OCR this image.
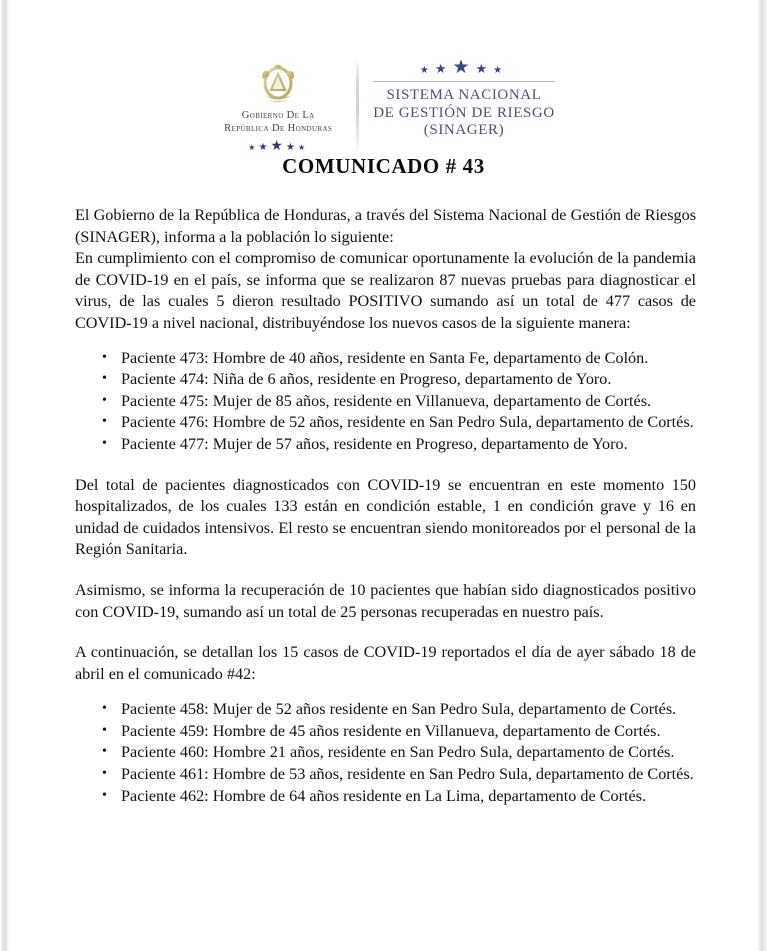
Gobierno De La
República De Honduras
★★★★★
★★★★★
SISTEMA NACIONAL
DE GESTIÓN DE RIESGO
(SINAGER)
COMUNICADO # 43

El Gobierno de la República de Honduras, a través del Sistema Nacional de Gestión de Riesgos (SINAGER), informa a la población lo siguiente:

En cumplimiento con el compromiso de comunicar oportunamente la evolución de la pandemia de COVID-19 en el país, se informa que se realizaron 87 nuevas pruebas para diagnosticar el virus, de las cuales 5 dieron resultado POSITIVO sumando así un total de 477 casos de COVID-19 a nivel nacional, distribuyéndose los nuevos casos de la siguiente manera:

• Paciente 473: Hombre de 40 años, residente en Santa Fe, departamento de Colón.
• Paciente 474: Niña de 6 años, residente en Progreso, departamento de Yoro.
• Paciente 475: Mujer de 85 años, residente en Villanueva, departamento de Cortés.
• Paciente 476: Hombre de 52 años, residente en San Pedro Sula, departamento de Cortés.
• Paciente 477: Mujer de 57 años, residente en Progreso, departamento de Yoro.

Del total de pacientes diagnosticados con COVID-19 se encuentran en este momento 150 hospitalizados, de los cuales 133 están en condición estable, 1 en condición grave y 16 en unidad de cuidados intensivos. El resto se encuentran siendo monitoreados por el personal de la Región Sanitaria.

Asimismo, se informa la recuperación de 10 pacientes que habían sido diagnosticados positivo con COVID-19, sumando así un total de 25 personas recuperadas en nuestro país.

A continuación, se detallan los 15 casos de COVID-19 reportados el día de ayer sábado 18 de abril en el comunicado #42:

• Paciente 458: Mujer de 52 años residente en San Pedro Sula, departamento de Cortés.
• Paciente 459: Hombre de 45 años residente en Villanueva, departamento de Cortés.
• Paciente 460: Hombre 21 años, residente en San Pedro Sula, departamento de Cortés.
• Paciente 461: Hombre de 53 años, residente en San Pedro Sula, departamento de Cortés.
• Paciente 462: Hombre de 64 años residente en La Lima, departamento de Cortés.
